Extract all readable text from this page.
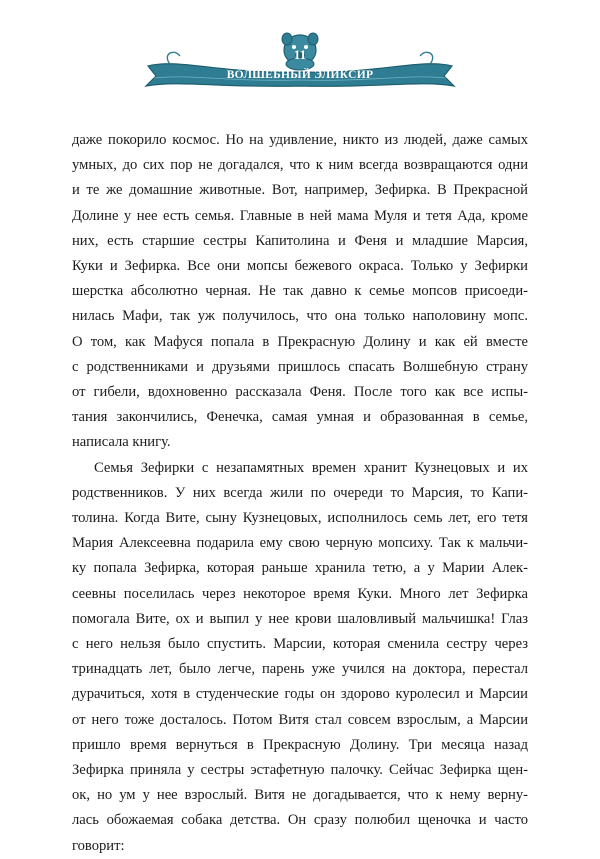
11
ВОЛШЕБНЫЙ ЭЛИКСИР

даже покорило космос. Но на удивление, никто из людей, даже самых
умных, до сих пор не догадался, что к ним всегда возвращаются одни
и те же домашние животные. Вот, например, Зефирка. В Прекрасной
Долине у нее есть семья. Главные в ней мама Муля и тетя Ада, кроме
них, есть старшие сестры Капитолина и Феня и младшие Марсия,
Куки и Зефирка. Все они мопсы бежевого окраса. Только у Зефирки
шерстка абсолютно черная. Не так давно к семье мопсов присоеди-
нилась Мафи, так уж получилось, что она только наполовину мопс.
О том, как Мафуся попала в Прекрасную Долину и как ей вместе
с родственниками и друзьями пришлось спасать Волшебную страну
от гибели, вдохновенно рассказала Феня. После того как все испы-
тания закончились, Фенечка, самая умная и образованная в семье,
написала книгу.

Семья Зефирки с незапамятных времен хранит Кузнецовых и их
родственников. У них всегда жили по очереди то Марсия, то Капи-
толина. Когда Вите, сыну Кузнецовых, исполнилось семь лет, его тетя
Мария Алексеевна подарила ему свою черную мопсиху. Так к мальчи-
ку попала Зефирка, которая раньше хранила тетю, а у Марии Алек-
сеевны поселилась через некоторое время Куки. Много лет Зефирка
помогала Вите, ох и выпил у нее крови шаловливый мальчишка! Глаз
с него нельзя было спустить. Марсии, которая сменила сестру через
тринадцать лет, было легче, парень уже учился на доктора, перестал
дурачиться, хотя в студенческие годы он здорово куролесил и Марсии
от него тоже досталось. Потом Витя стал совсем взрослым, а Марсии
пришло время вернуться в Прекрасную Долину. Три месяца назад
Зефирка приняла у сестры эстафетную палочку. Сейчас Зефирка щен-
ок, но ум у нее взрослый. Витя не догадывается, что к нему верну-
лась обожаемая собака детства. Он сразу полюбил щеночка и часто
говорит:
